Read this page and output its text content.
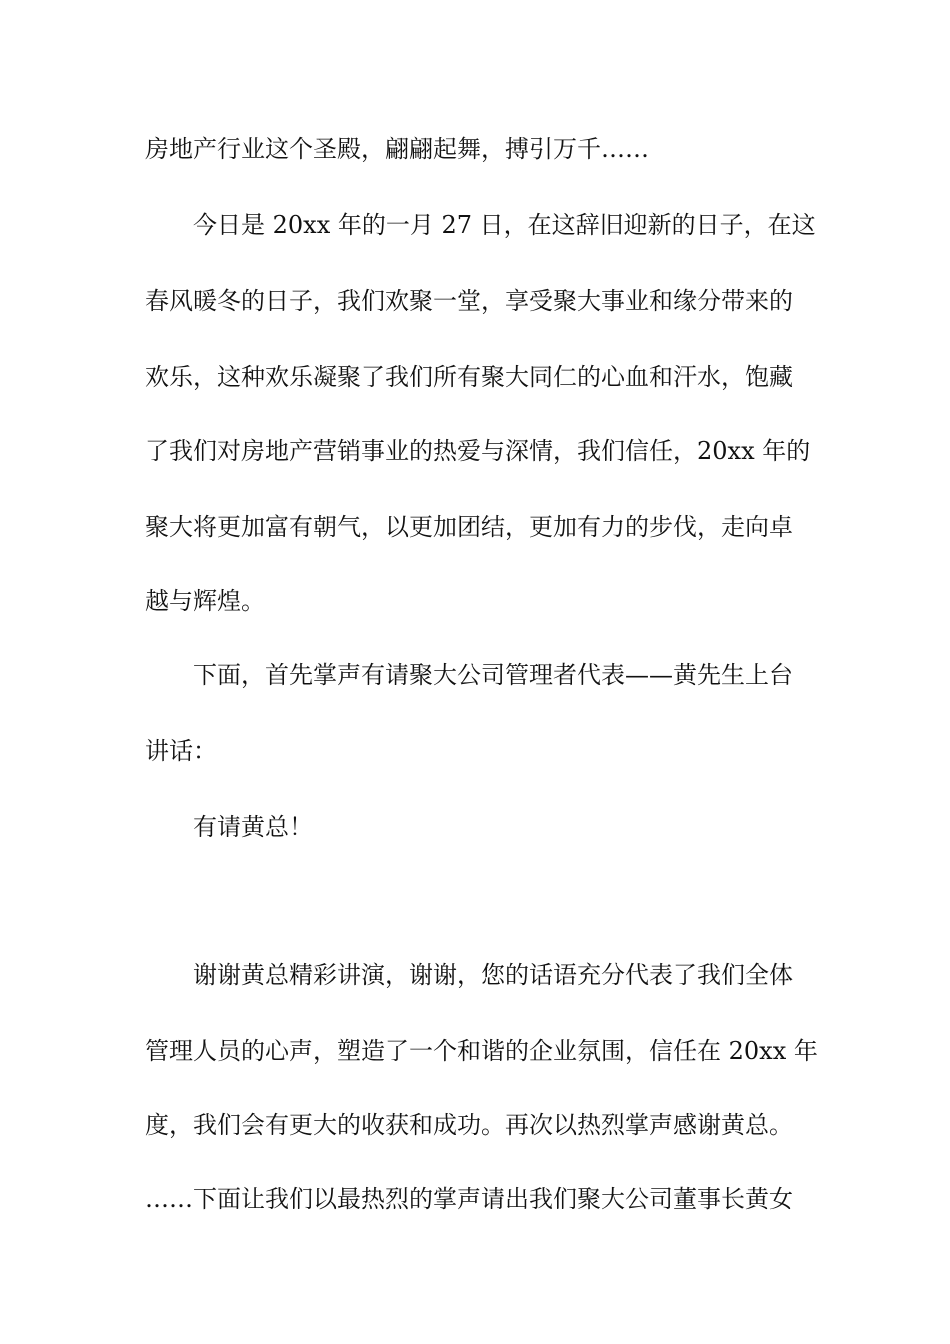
房地产行业这个圣殿，翩翩起舞，搏引万千……
今日是 20xx 年的一月 27 日，在这辞旧迎新的日子，在这
春风暖冬的日子，我们欢聚一堂，享受聚大事业和缘分带来的
欢乐，这种欢乐凝聚了我们所有聚大同仁的心血和汗水，饱藏
了我们对房地产营销事业的热爱与深情，我们信任，20xx 年的
聚大将更加富有朝气，以更加团结，更加有力的步伐，走向卓
越与辉煌。
下面，首先掌声有请聚大公司管理者代表——黄先生上台
讲话：
有请黄总！
谢谢黄总精彩讲演，谢谢，您的话语充分代表了我们全体
管理人员的心声，塑造了一个和谐的企业氛围，信任在 20xx 年
度，我们会有更大的收获和成功。再次以热烈掌声感谢黄总。
……下面让我们以最热烈的掌声请出我们聚大公司董事长黄女
